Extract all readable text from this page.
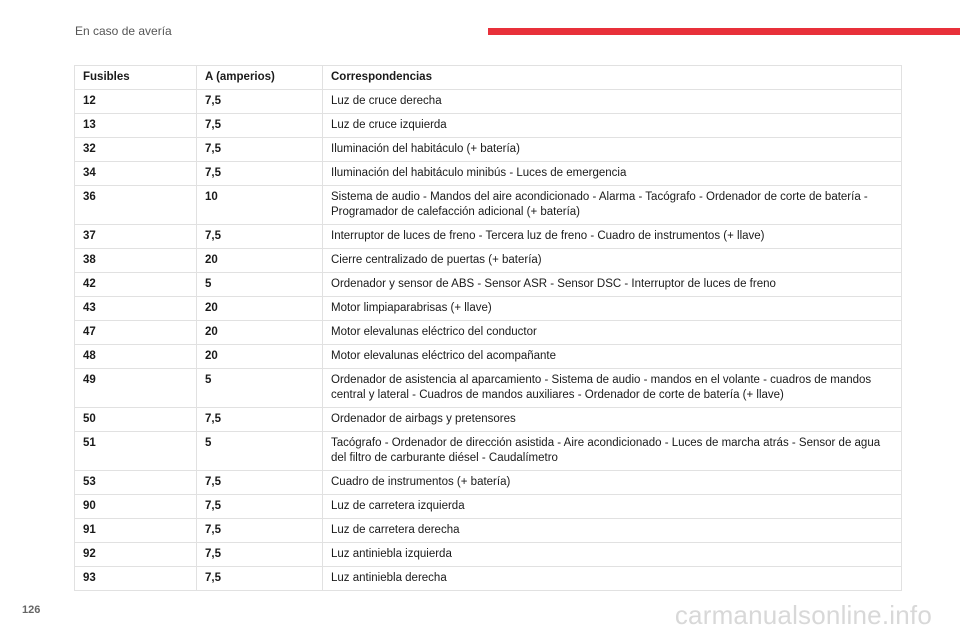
En caso de avería
Fusibles	A (amperios)	Correspondencias
12	7,5	Luz de cruce derecha
13	7,5	Luz de cruce izquierda
32	7,5	Iluminación del habitáculo (+ batería)
34	7,5	Iluminación del habitáculo minibús - Luces de emergencia
36	10	Sistema de audio - Mandos del aire acondicionado - Alarma - Tacógrafo - Ordenador de corte de batería - Programador de calefacción adicional (+ batería)
37	7,5	Interruptor de luces de freno - Tercera luz de freno - Cuadro de instrumentos (+ llave)
38	20	Cierre centralizado de puertas (+ batería)
42	5	Ordenador y sensor de ABS - Sensor ASR - Sensor DSC - Interruptor de luces de freno
43	20	Motor limpiaparabrisas (+ llave)
47	20	Motor elevalunas eléctrico del conductor
48	20	Motor elevalunas eléctrico del acompañante
49	5	Ordenador de asistencia al aparcamiento - Sistema de audio - mandos en el volante - cuadros de mandos central y lateral - Cuadros de mandos auxiliares - Ordenador de corte de batería (+ llave)
50	7,5	Ordenador de airbags y pretensores
51	5	Tacógrafo - Ordenador de dirección asistida - Aire acondicionado - Luces de marcha atrás - Sensor de agua del filtro de carburante diésel - Caudalímetro
53	7,5	Cuadro de instrumentos (+ batería)
90	7,5	Luz de carretera izquierda
91	7,5	Luz de carretera derecha
92	7,5	Luz antiniebla izquierda
93	7,5	Luz antiniebla derecha
126	carmanualsonline.info
